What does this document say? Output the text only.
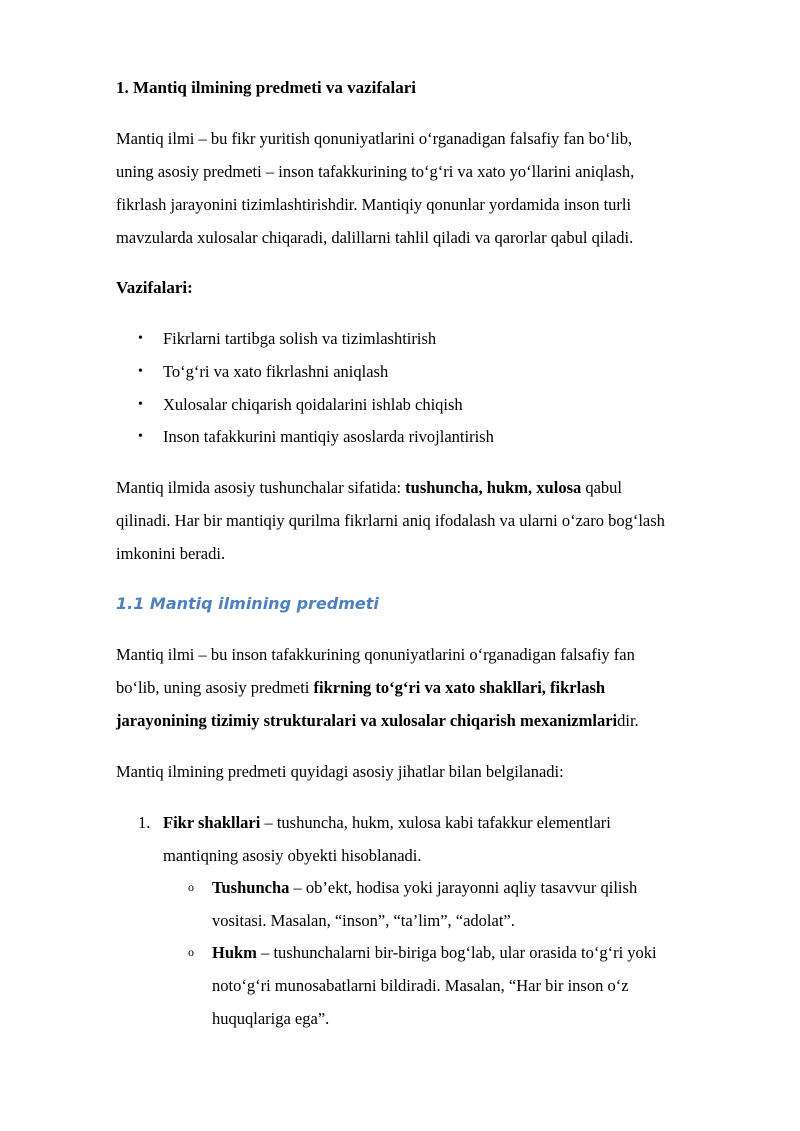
1. Mantiq ilmining predmeti va vazifalari
Mantiq ilmi – bu fikr yuritish qonuniyatlarini o‘rganadigan falsafiy fan bo‘lib,
uning asosiy predmeti – inson tafakkurining to‘g‘ri va xato yo‘llarini aniqlash,
fikrlash jarayonini tizimlashtirishdir. Mantiqiy qonunlar yordamida inson turli
mavzularda xulosalar chiqaradi, dalillarni tahlil qiladi va qarorlar qabul qiladi.
Vazifalari:
•	Fikrlarni tartibga solish va tizimlashtirish
•	To‘g‘ri va xato fikrlashni aniqlash
•	Xulosalar chiqarish qoidalarini ishlab chiqish
•	Inson tafakkurini mantiqiy asoslarda rivojlantirish
Mantiq ilmida asosiy tushunchalar sifatida: tushuncha, hukm, xulosa qabul
qilinadi. Har bir mantiqiy qurilma fikrlarni aniq ifodalash va ularni o‘zaro bog‘lash
imkonini beradi.
1.1 Mantiq ilmining predmeti
Mantiq ilmi – bu inson tafakkurining qonuniyatlarini o‘rganadigan falsafiy fan
bo‘lib, uning asosiy predmeti fikrning to‘g‘ri va xato shakllari, fikrlash
jarayonining tizimiy strukturalari va xulosalar chiqarish mexanizmlaridir.
Mantiq ilmining predmeti quyidagi asosiy jihatlar bilan belgilanadi:
1. Fikr shakllari – tushuncha, hukm, xulosa kabi tafakkur elementlari
mantiqning asosiy obyekti hisoblanadi.
o Tushuncha – ob’ekt, hodisa yoki jarayonni aqliy tasavvur qilish
vositasi. Masalan, “inson”, “ta’lim”, “adolat”.
o Hukm – tushunchalarni bir-biriga bog‘lab, ular orasida to‘g‘ri yoki
noto‘g‘ri munosabatlarni bildiradi. Masalan, “Har bir inson o‘z
huquqlariga ega”.
